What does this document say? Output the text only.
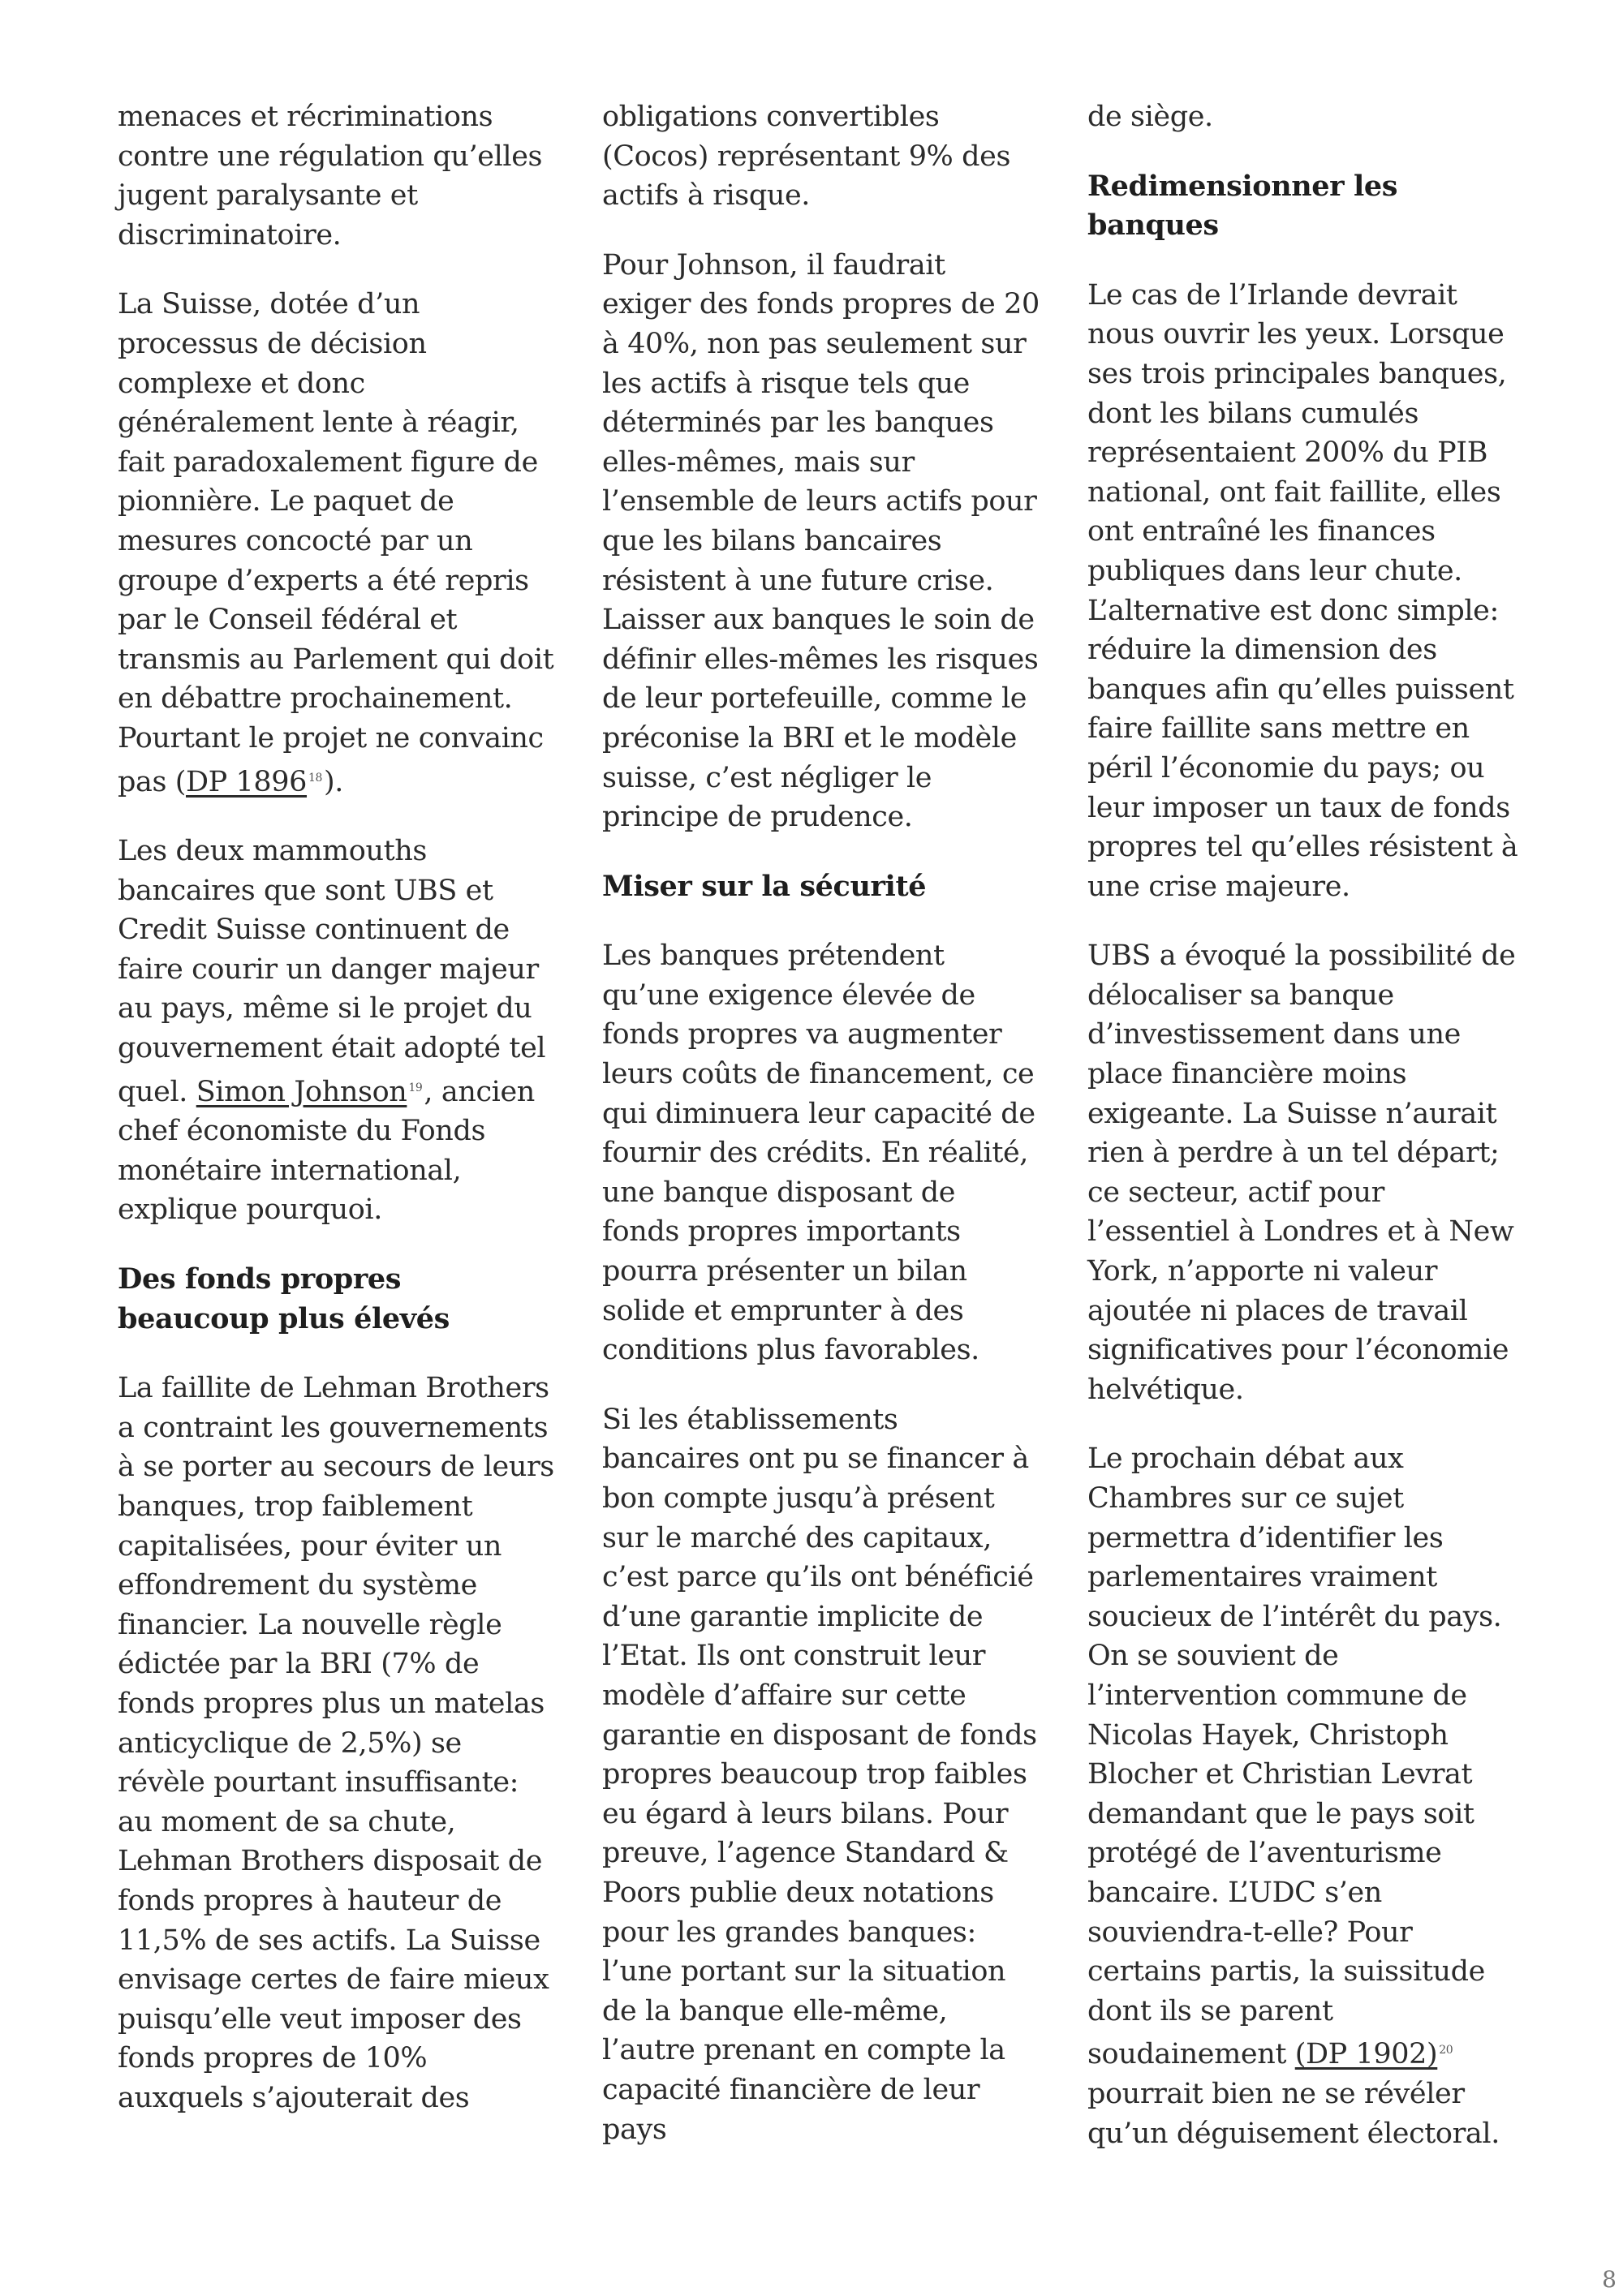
menaces et récriminations contre une régulation qu’elles jugent paralysante et discriminatoire.

La Suisse, dotée d’un processus de décision complexe et donc généralement lente à réagir, fait paradoxalement figure de pionnière. Le paquet de mesures concocté par un groupe d’experts a été repris par le Conseil fédéral et transmis au Parlement qui doit en débattre prochainement. Pourtant le projet ne convainc pas (DP 1896 $^{18}$).

Les deux mammouths bancaires que sont UBS et Credit Suisse continuent de faire courir un danger majeur au pays, même si le projet du gouvernement était adopté tel quel. Simon Johnson $^{19}$, ancien chef économiste du Fonds monétaire international, explique pourquoi.

Des fonds propres beaucoup plus élevés

La faillite de Lehman Brothers a contraint les gouvernements à se porter au secours de leurs banques, trop faiblement capitalisées, pour éviter un effondrement du système financier. La nouvelle règle édictée par la BRI (7% de fonds propres plus un matelas anticyclique de 2,5%) se révèle pourtant insuffisante: au moment de sa chute, Lehman Brothers disposait de fonds propres à hauteur de 11,5% de ses actifs. La Suisse envisage certes de faire mieux puisqu’elle veut imposer des fonds propres de 10% auxquels s’ajouterait des

obligations convertibles (Cocos) représentant 9% des actifs à risque.

Pour Johnson, il faudrait exiger des fonds propres de 20 à 40%, non pas seulement sur les actifs à risque tels que déterminés par les banques elles-mêmes, mais sur l’ensemble de leurs actifs pour que les bilans bancaires résistent à une future crise. Laisser aux banques le soin de définir elles-mêmes les risques de leur portefeuille, comme le préconise la BRI et le modèle suisse, c’est négliger le principe de prudence.

Miser sur la sécurité

Les banques prétendent qu’une exigence élevée de fonds propres va augmenter leurs coûts de financement, ce qui diminuera leur capacité de fournir des crédits. En réalité, une banque disposant de fonds propres importants pourra présenter un bilan solide et emprunter à des conditions plus favorables.

Si les établissements bancaires ont pu se financer à bon compte jusqu’à présent sur le marché des capitaux, c’est parce qu’ils ont bénéficié d’une garantie implicite de l’Etat. Ils ont construit leur modèle d’affaire sur cette garantie en disposant de fonds propres beaucoup trop faibles eu égard à leurs bilans. Pour preuve, l’agence Standard & Poors publie deux notations pour les grandes banques: l’une portant sur la situation de la banque elle-même, l’autre prenant en compte la capacité financière de leur pays

de siège.

Redimensionner les banques

Le cas de l’Irlande devrait nous ouvrir les yeux. Lorsque ses trois principales banques, dont les bilans cumulés représentaient 200% du PIB national, ont fait faillite, elles ont entraîné les finances publiques dans leur chute. L’alternative est donc simple: réduire la dimension des banques afin qu’elles puissent faire faillite sans mettre en péril l’économie du pays; ou leur imposer un taux de fonds propres tel qu’elles résistent à une crise majeure.

UBS a évoqué la possibilité de délocaliser sa banque d’investissement dans une place financière moins exigeante. La Suisse n’aurait rien à perdre à un tel départ; ce secteur, actif pour l’essentiel à Londres et à New York, n’apporte ni valeur ajoutée ni places de travail significatives pour l’économie helvétique.

Le prochain débat aux Chambres sur ce sujet permettra d’identifier les parlementaires vraiment soucieux de l’intérêt du pays. On se souvient de l’intervention commune de Nicolas Hayek, Christoph Blocher et Christian Levrat demandant que le pays soit protégé de l’aventurisme bancaire. L’UDC s’en souviendra-t-elle? Pour certains partis, la suissitude dont ils se parent soudainement (DP 1902) $^{20}$ pourrait bien ne se révéler qu’un déguisement électoral.

8
